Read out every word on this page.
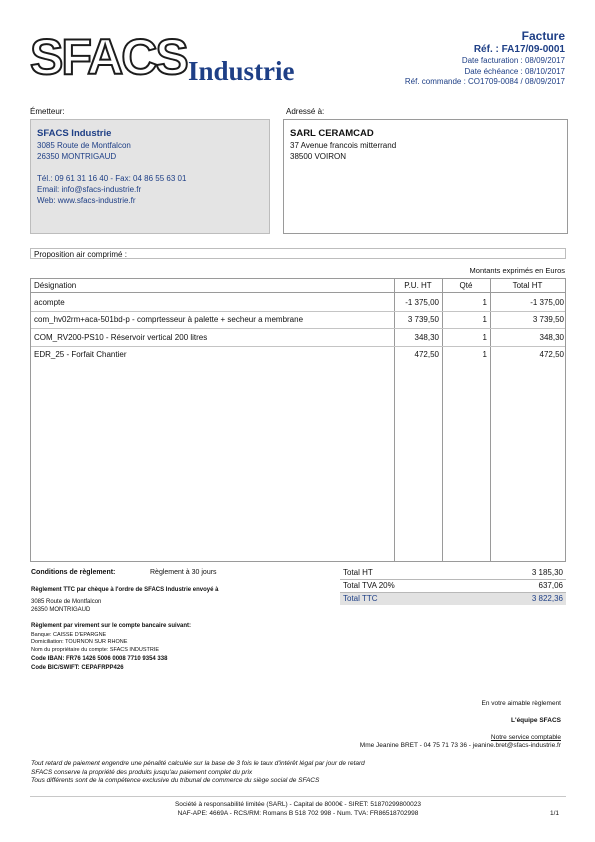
SFACS Industrie
Facture
Réf. : FA17/09-0001
Date facturation : 08/09/2017
Date échéance : 08/10/2017
Réf. commande : CO1709-0084 / 08/09/2017
Émetteur:
SFACS Industrie
3085 Route de Montfalcon
26350 MONTRIGAUD
Tél.: 09 61 31 16 40 - Fax: 04 86 55 63 01
Email: info@sfacs-industrie.fr
Web: www.sfacs-industrie.fr
Adressé à:
SARL CERAMCAD
37 Avenue francois mitterrand
38500 VOIRON
Proposition air comprimé :
Montants exprimés en Euros
Désignation	P.U. HT	Qté	Total HT
acompte	-1 375,00	1	-1 375,00
com_hv02rm+aca-501bd-p - comprtesseur à palette + secheur a membrane	3 739,50	1	3 739,50
COM_RV200-PS10 - Réservoir vertical 200 litres	348,30	1	348,30
EDR_25 - Forfait Chantier	472,50	1	472,50
Conditions de règlement:	Règlement à 30 jours
Règlement TTC par chèque à l'ordre de SFACS Industrie envoyé à
3085 Route de Montfalcon
26350 MONTRIGAUD
Règlement par virement sur le compte bancaire suivant:
Banque: CAISSE D'EPARGNE
Domiciliation: TOURNON SUR RHONE
Nom du propriétaire du compte: SFACS INDUSTRIE
Code IBAN: FR76 1426 5006 0008 7710 9354 338
Code BIC/SWIFT: CEPAFRPP426
Total HT	3 185,30
Total TVA 20%	637,06
Total TTC	3 822,36
En votre aimable règlement
L'équipe SFACS
Notre service comptable
Mme Jeanine BRET - 04 75 71 73 36 - jeanine.bret@sfacs-industrie.fr
Tout retard de paiement engendre une pénalité calculée sur la base de 3 fois le taux d'intérêt légal par jour de retard
SFACS conserve la propriété des produits jusqu'au paiement complet du prix
Tous différents sont de la compétence exclusive du tribunal de commerce du siège social de SFACS
Société à responsabilité limitée (SARL) - Capital de 8000€ - SIRET: 51870299800023
NAF-APE: 4669A - RCS/RM: Romans B 518 702 998 - Num. TVA: FR86518702998	1/1
